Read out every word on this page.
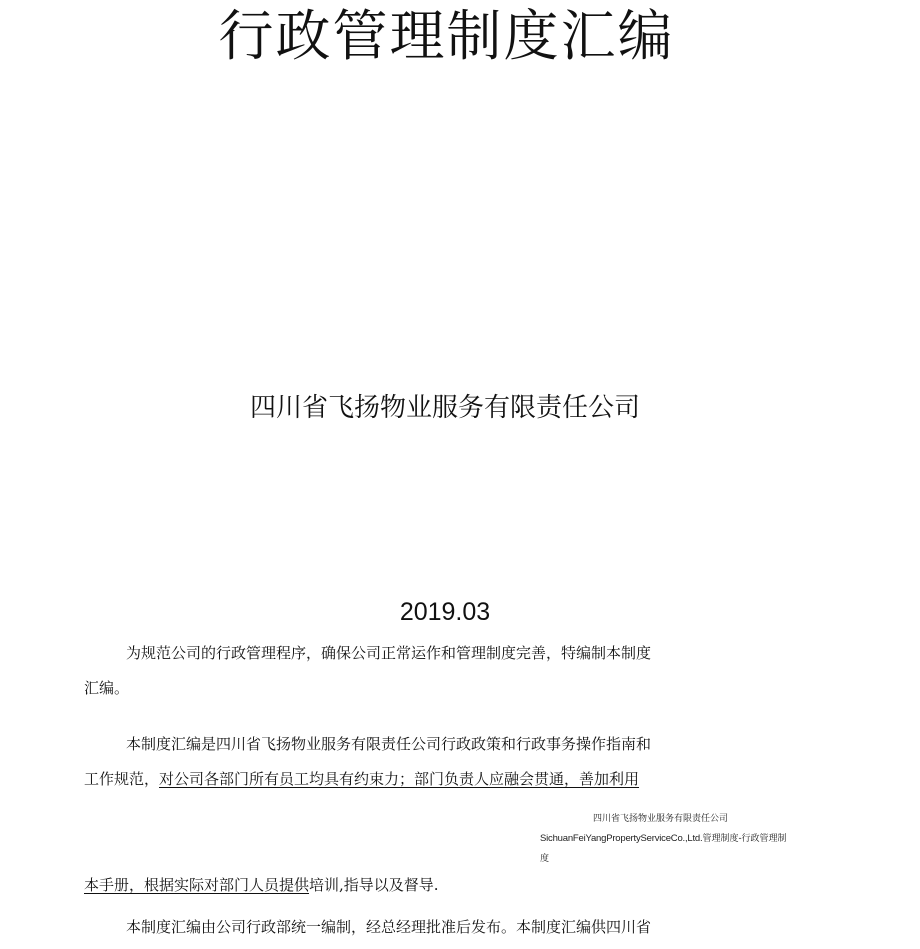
行政管理制度汇编
四川省飞扬物业服务有限责任公司
2019.03
为规范公司的行政管理程序，确保公司正常运作和管理制度完善，特编制本制度
汇编。
本制度汇编是四川省飞扬物业服务有限责任公司行政政策和行政事务操作指南和
工作规范，对公司各部门所有员工均具有约束力；部门负责人应融会贯通，善加利用
四川省飞扬物业服务有限责任公司
SichuanFeiYangPropertyServiceCo.,Ltd.管理制度-行政管理制
度
本手册，根据实际对部门人员提供培训,指导以及督导.
本制度汇编由公司行政部统一编制，经总经理批准后发布。本制度汇编供四川省
